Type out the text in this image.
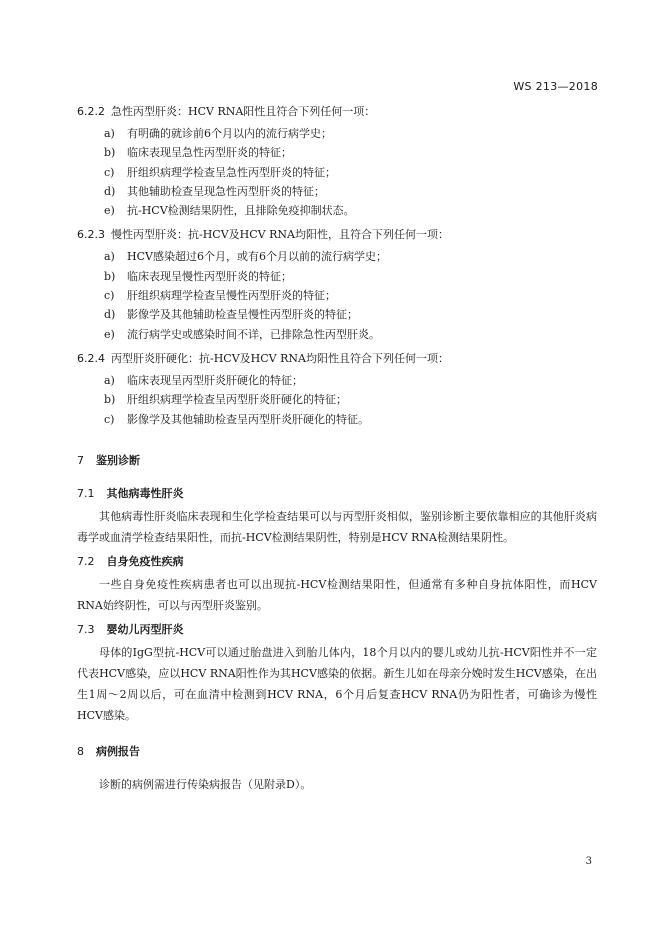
WS 213—2018

6.2.2 急性丙型肝炎：HCV RNA阳性且符合下列任何一项：

a) 有明确的就诊前6个月以内的流行病学史；
b) 临床表现呈急性丙型肝炎的特征；
c) 肝组织病理学检查呈急性丙型肝炎的特征；
d) 其他辅助检查呈现急性丙型肝炎的特征；
e) 抗-HCV检测结果阴性，且排除免疫抑制状态。

6.2.3 慢性丙型肝炎：抗-HCV及HCV RNA均阳性，且符合下列任何一项：

a) HCV感染超过6个月，或有6个月以前的流行病学史；
b) 临床表现呈慢性丙型肝炎的特征；
c) 肝组织病理学检查呈慢性丙型肝炎的特征；
d) 影像学及其他辅助检查呈慢性丙型肝炎的特征；
e) 流行病学史或感染时间不详，已排除急性丙型肝炎。

6.2.4 丙型肝炎肝硬化：抗-HCV及HCV RNA均阳性且符合下列任何一项：

a) 临床表现呈丙型肝炎肝硬化的特征；
b) 肝组织病理学检查呈丙型肝炎肝硬化的特征；
c) 影像学及其他辅助检查呈丙型肝炎肝硬化的特征。

7 鉴别诊断

7.1 其他病毒性肝炎

其他病毒性肝炎临床表现和生化学检查结果可以与丙型肝炎相似，鉴别诊断主要依靠相应的其他肝炎病毒学或血清学检查结果阳性，而抗-HCV检测结果阴性，特别是HCV RNA检测结果阴性。

7.2 自身免疫性疾病

一些自身免疫性疾病患者也可以出现抗-HCV检测结果阳性，但通常有多种自身抗体阳性，而HCV RNA始终阴性，可以与丙型肝炎鉴别。

7.3 婴幼儿丙型肝炎

母体的IgG型抗-HCV可以通过胎盘进入到胎儿体内，18个月以内的婴儿或幼儿抗-HCV阳性并不一定代表HCV感染，应以HCV RNA阳性作为其HCV感染的依据。新生儿如在母亲分娩时发生HCV感染，在出生1周～2周以后，可在血清中检测到HCV RNA，6个月后复查HCV RNA仍为阳性者，可确诊为慢性HCV感染。

8 病例报告

诊断的病例需进行传染病报告（见附录D）。

3
